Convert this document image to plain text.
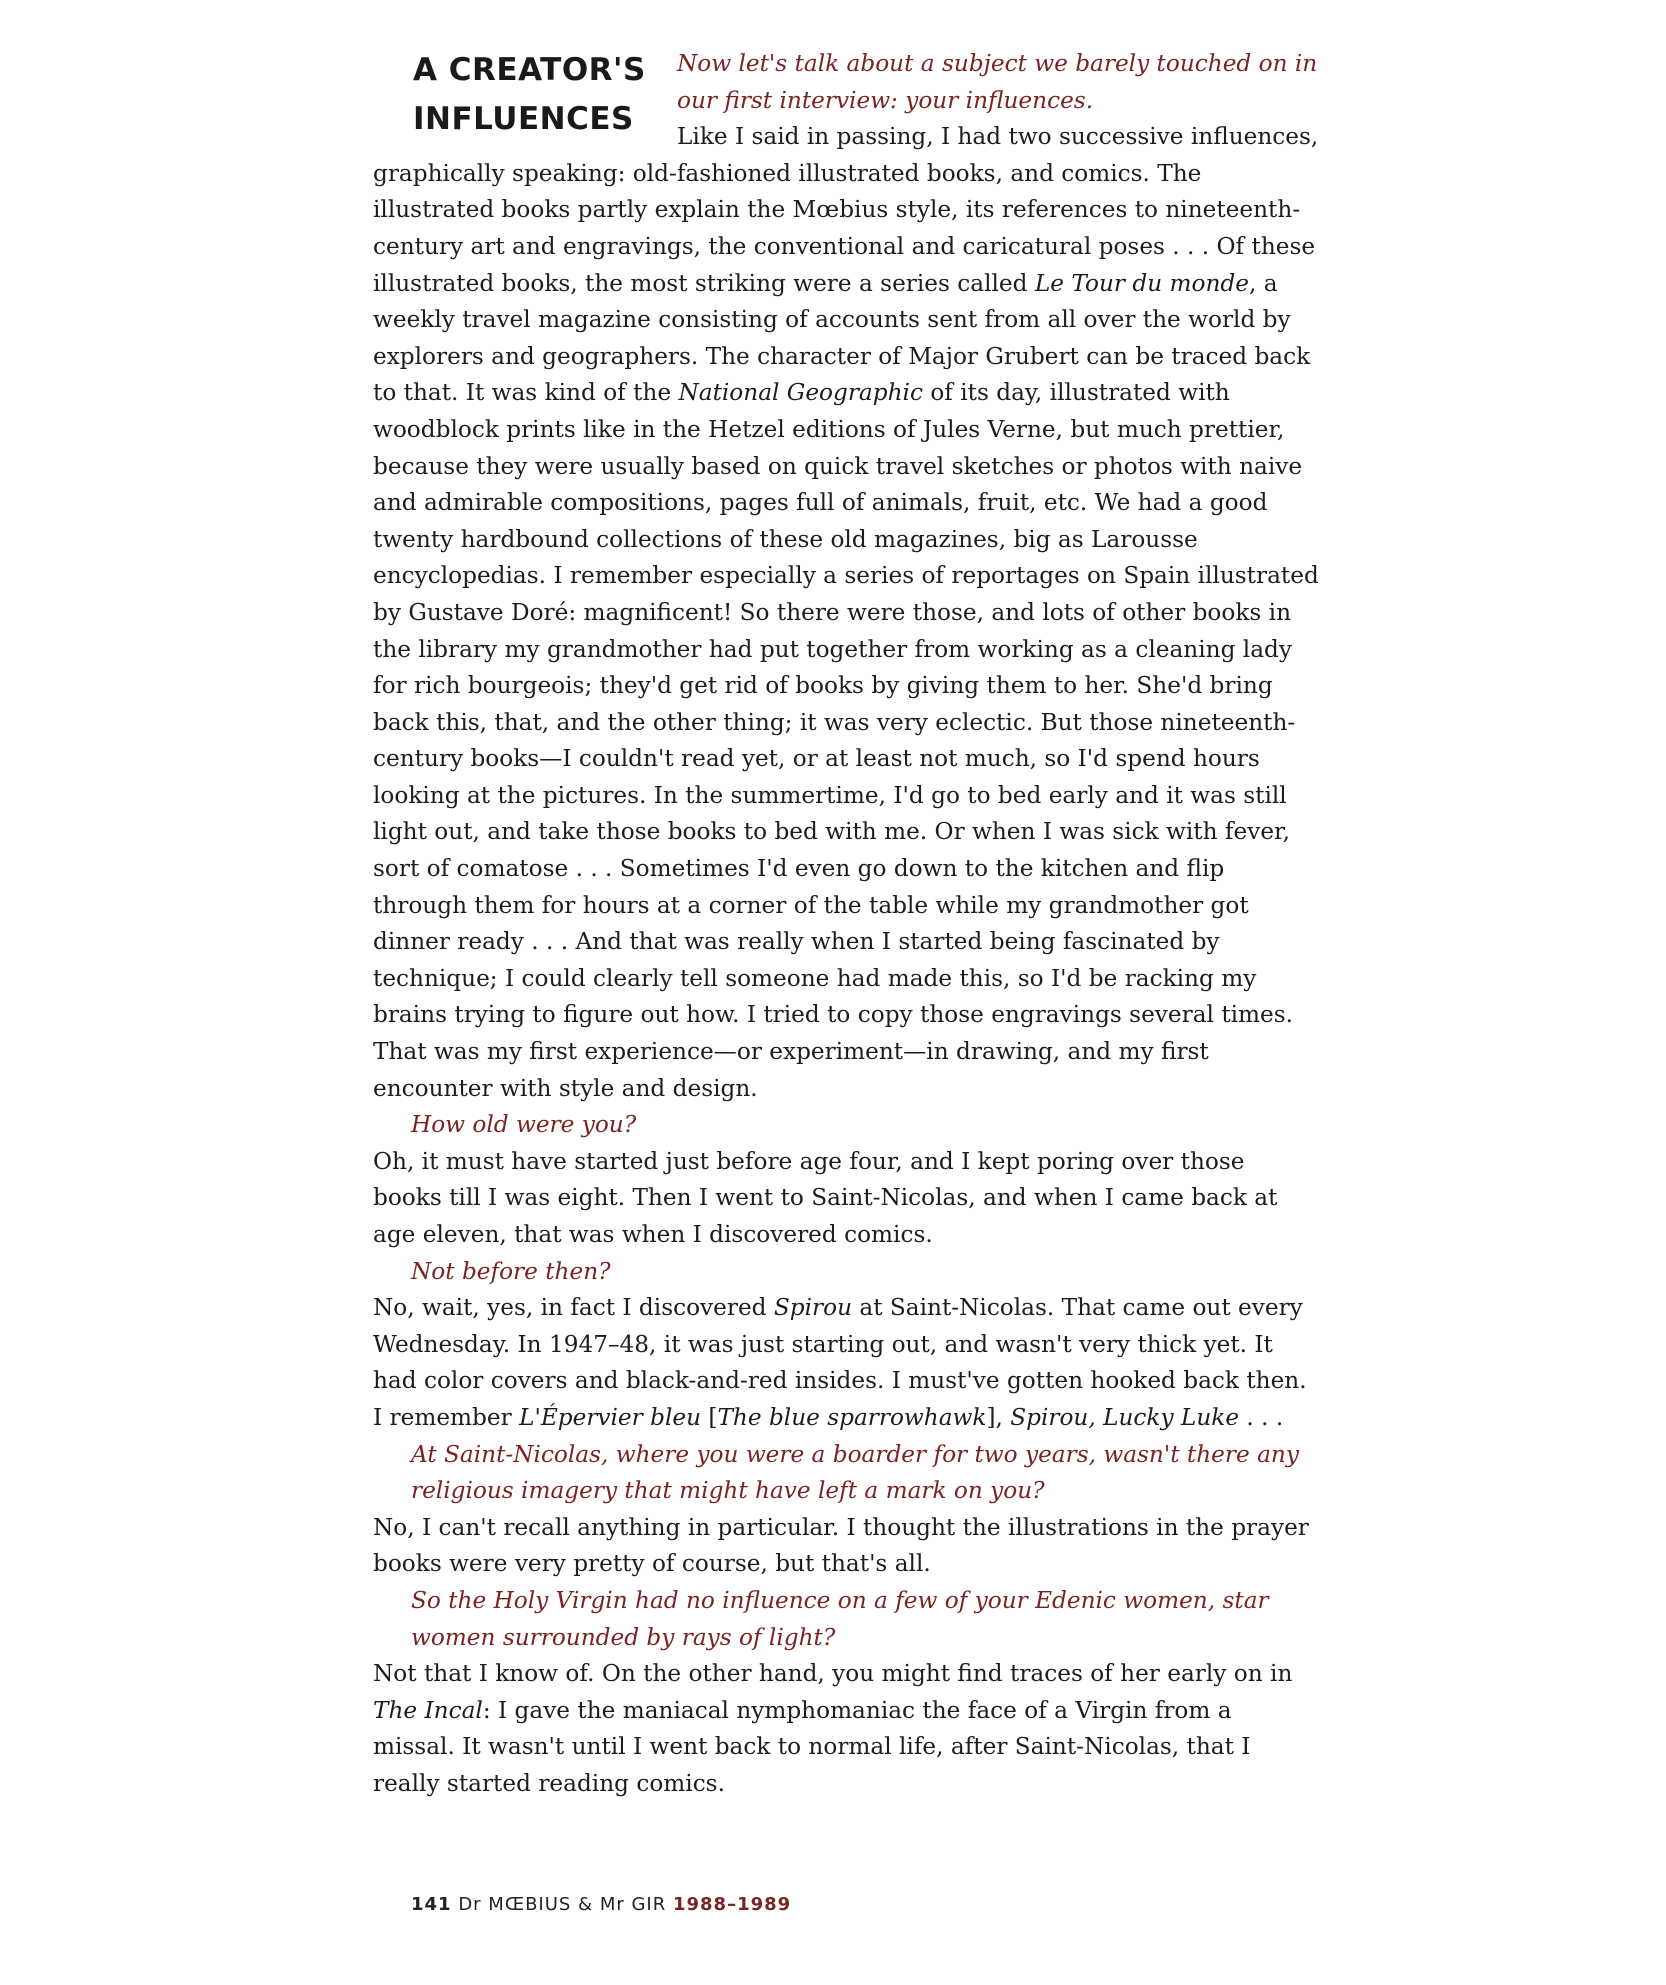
A CREATOR'S
INFLUENCES

Now let's talk about a subject we barely touched on in our first interview: your influences.

Like I said in passing, I had two successive influences, graphically speaking: old-fashioned illustrated books, and comics. The illustrated books partly explain the Mœbius style, its references to nineteenth-century art and engravings, the conventional and caricatural poses . . . Of these illustrated books, the most striking were a series called Le Tour du monde, a weekly travel magazine consisting of accounts sent from all over the world by explorers and geographers. The character of Major Grubert can be traced back to that. It was kind of the National Geographic of its day, illustrated with woodblock prints like in the Hetzel editions of Jules Verne, but much prettier, because they were usually based on quick travel sketches or photos with naive and admirable compositions, pages full of animals, fruit, etc. We had a good twenty hardbound collections of these old magazines, big as Larousse encyclopedias. I remember especially a series of reportages on Spain illustrated by Gustave Doré: magnificent! So there were those, and lots of other books in the library my grandmother had put together from working as a cleaning lady for rich bourgeois; they'd get rid of books by giving them to her. She'd bring back this, that, and the other thing; it was very eclectic. But those nineteenth-century books—I couldn't read yet, or at least not much, so I'd spend hours looking at the pictures. In the summertime, I'd go to bed early and it was still light out, and take those books to bed with me. Or when I was sick with fever, sort of comatose . . . Sometimes I'd even go down to the kitchen and flip through them for hours at a corner of the table while my grandmother got dinner ready . . . And that was really when I started being fascinated by technique; I could clearly tell someone had made this, so I'd be racking my brains trying to figure out how. I tried to copy those engravings several times. That was my first experience—or experiment—in drawing, and my first encounter with style and design.

How old were you?

Oh, it must have started just before age four, and I kept poring over those books till I was eight. Then I went to Saint-Nicolas, and when I came back at age eleven, that was when I discovered comics.

Not before then?

No, wait, yes, in fact I discovered Spirou at Saint-Nicolas. That came out every Wednesday. In 1947–48, it was just starting out, and wasn't very thick yet. It had color covers and black-and-red insides. I must've gotten hooked back then. I remember L'Épervier bleu [The blue sparrowhawk], Spirou, Lucky Luke . . .

At Saint-Nicolas, where you were a boarder for two years, wasn't there any religious imagery that might have left a mark on you?

No, I can't recall anything in particular. I thought the illustrations in the prayer books were very pretty of course, but that's all.

So the Holy Virgin had no influence on a few of your Edenic women, star women surrounded by rays of light?

Not that I know of. On the other hand, you might find traces of her early on in The Incal: I gave the maniacal nymphomaniac the face of a Virgin from a missal. It wasn't until I went back to normal life, after Saint-Nicolas, that I really started reading comics.

141 Dr MŒBIUS & Mr GIR 1988–1989
